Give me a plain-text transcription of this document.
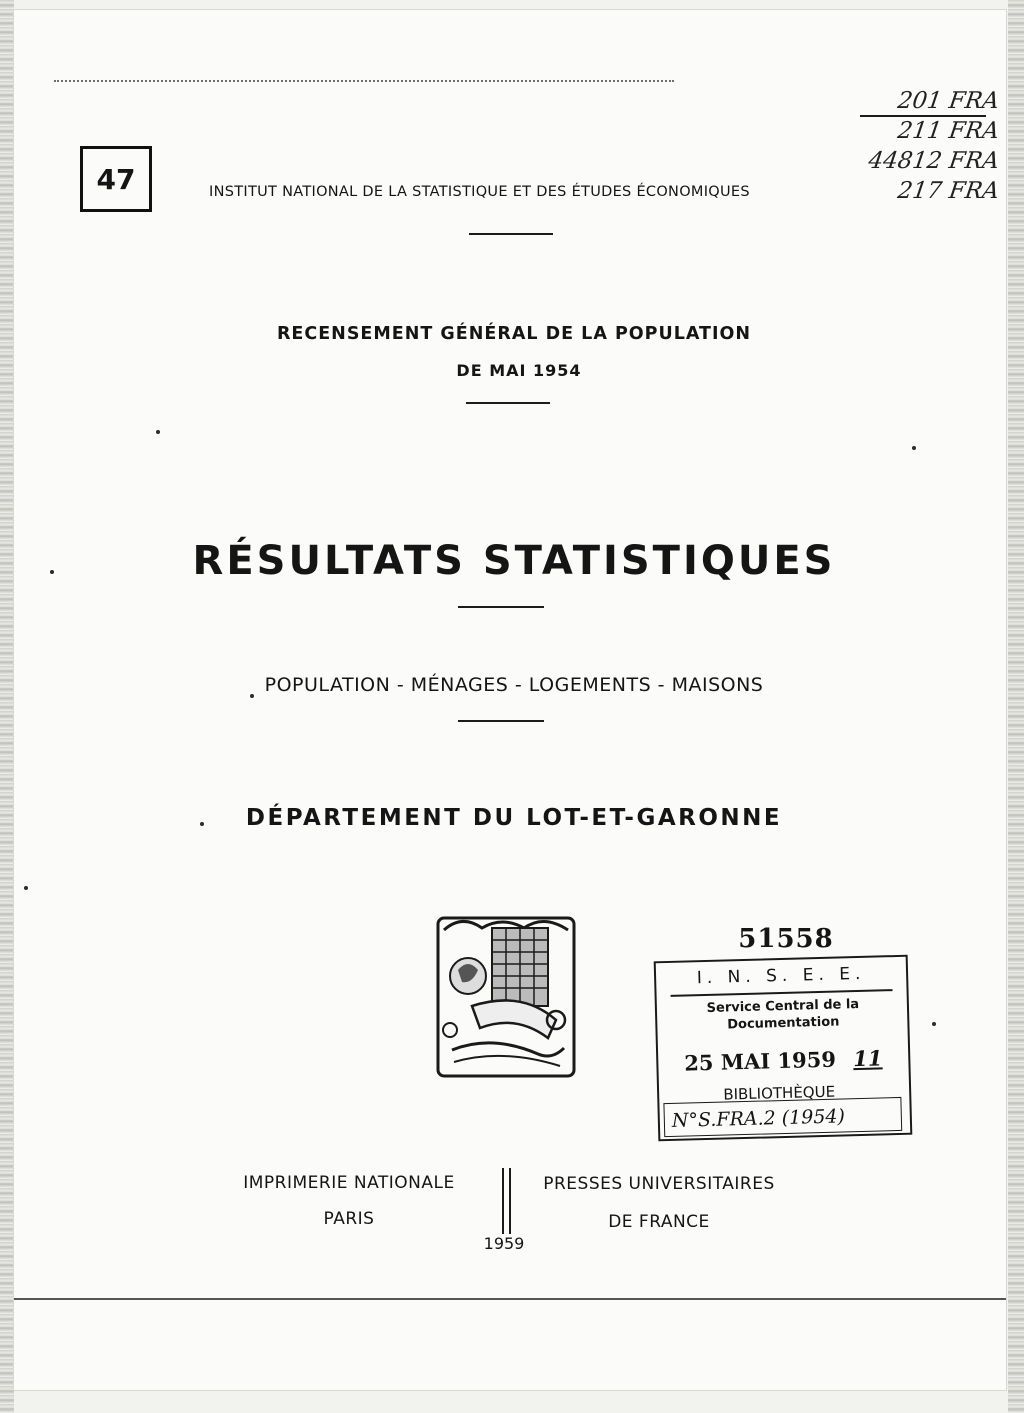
47	INSTITUT NATIONAL DE LA STATISTIQUE ET DES ÉTUDES ÉCONOMIQUES
201 FRA
211 FRA
44812 FRA
217 FRA
RECENSEMENT GÉNÉRAL DE LA POPULATION
DE MAI 1954
RÉSULTATS STATISTIQUES
POPULATION - MÉNAGES - LOGEMENTS - MAISONS
DÉPARTEMENT DU LOT-ET-GARONNE
51558
I. N. S. E. E.
Service Central de la Documentation
25 MAI 1959 11
BIBLIOTHÈQUE
N°S.FRA.2 (1954)
IMPRIMERIE NATIONALE
PARIS
PRESSES UNIVERSITAIRES
DE FRANCE
1959
